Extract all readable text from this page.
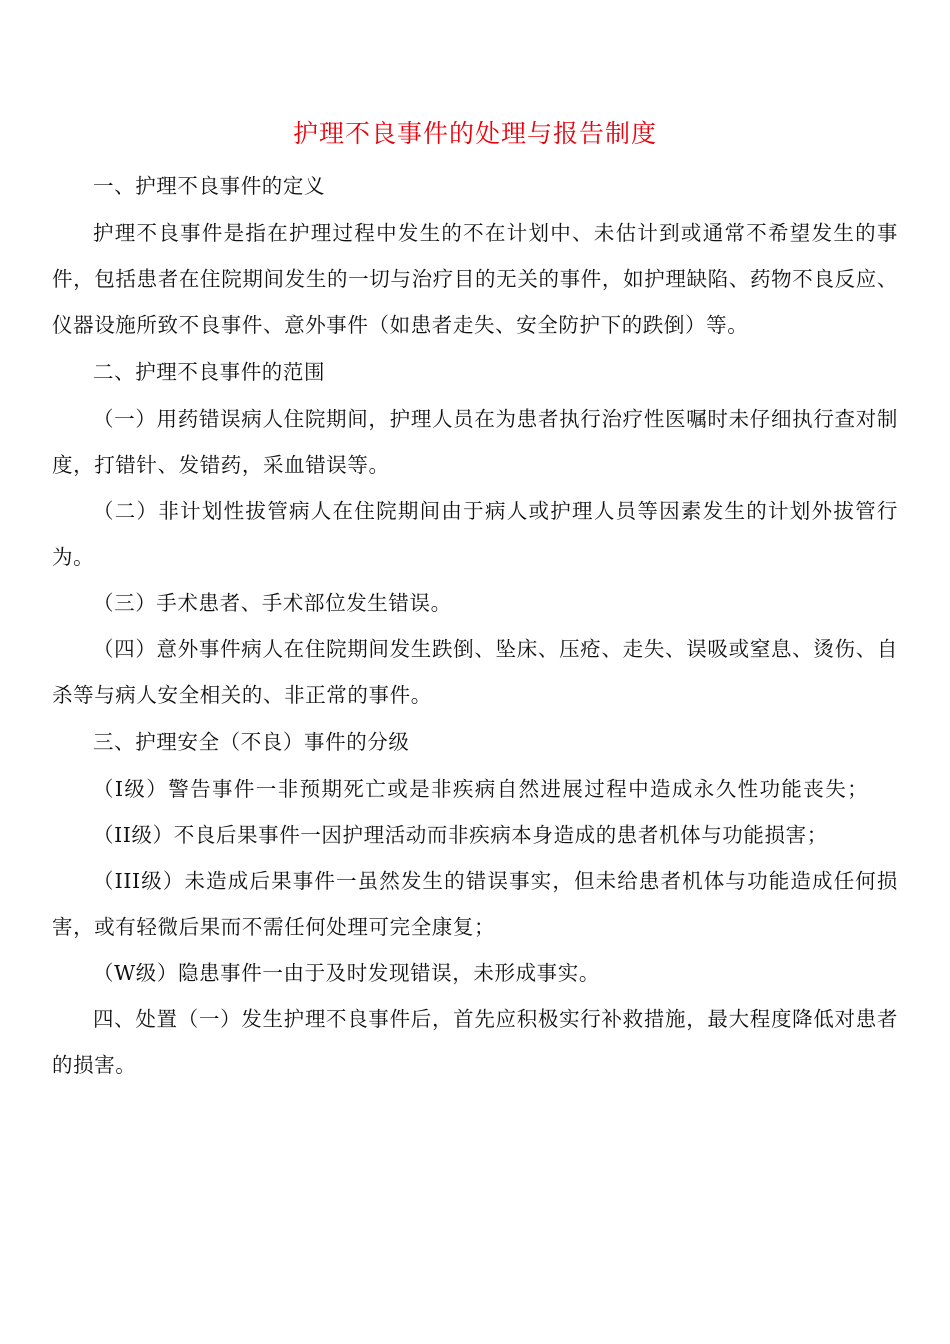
护理不良事件的处理与报告制度

一、护理不良事件的定义

护理不良事件是指在护理过程中发生的不在计划中、未估计到或通常不希望发生的事件，包括患者在住院期间发生的一切与治疗目的无关的事件，如护理缺陷、药物不良反应、仪器设施所致不良事件、意外事件（如患者走失、安全防护下的跌倒）等。

二、护理不良事件的范围

（一）用药错误病人住院期间，护理人员在为患者执行治疗性医嘱时未仔细执行查对制度，打错针、发错药，采血错误等。

（二）非计划性拔管病人在住院期间由于病人或护理人员等因素发生的计划外拔管行为。

（三）手术患者、手术部位发生错误。

（四）意外事件病人在住院期间发生跌倒、坠床、压疮、走失、误吸或窒息、烫伤、自杀等与病人安全相关的、非正常的事件。

三、护理安全（不良）事件的分级

（I级）警告事件一非预期死亡或是非疾病自然进展过程中造成永久性功能丧失；

（II级）不良后果事件一因护理活动而非疾病本身造成的患者机体与功能损害；

（III级）未造成后果事件一虽然发生的错误事实，但未给患者机体与功能造成任何损害，或有轻微后果而不需任何处理可完全康复；

（W级）隐患事件一由于及时发现错误，未形成事实。

四、处置（一）发生护理不良事件后，首先应积极实行补救措施，最大程度降低对患者的损害。
